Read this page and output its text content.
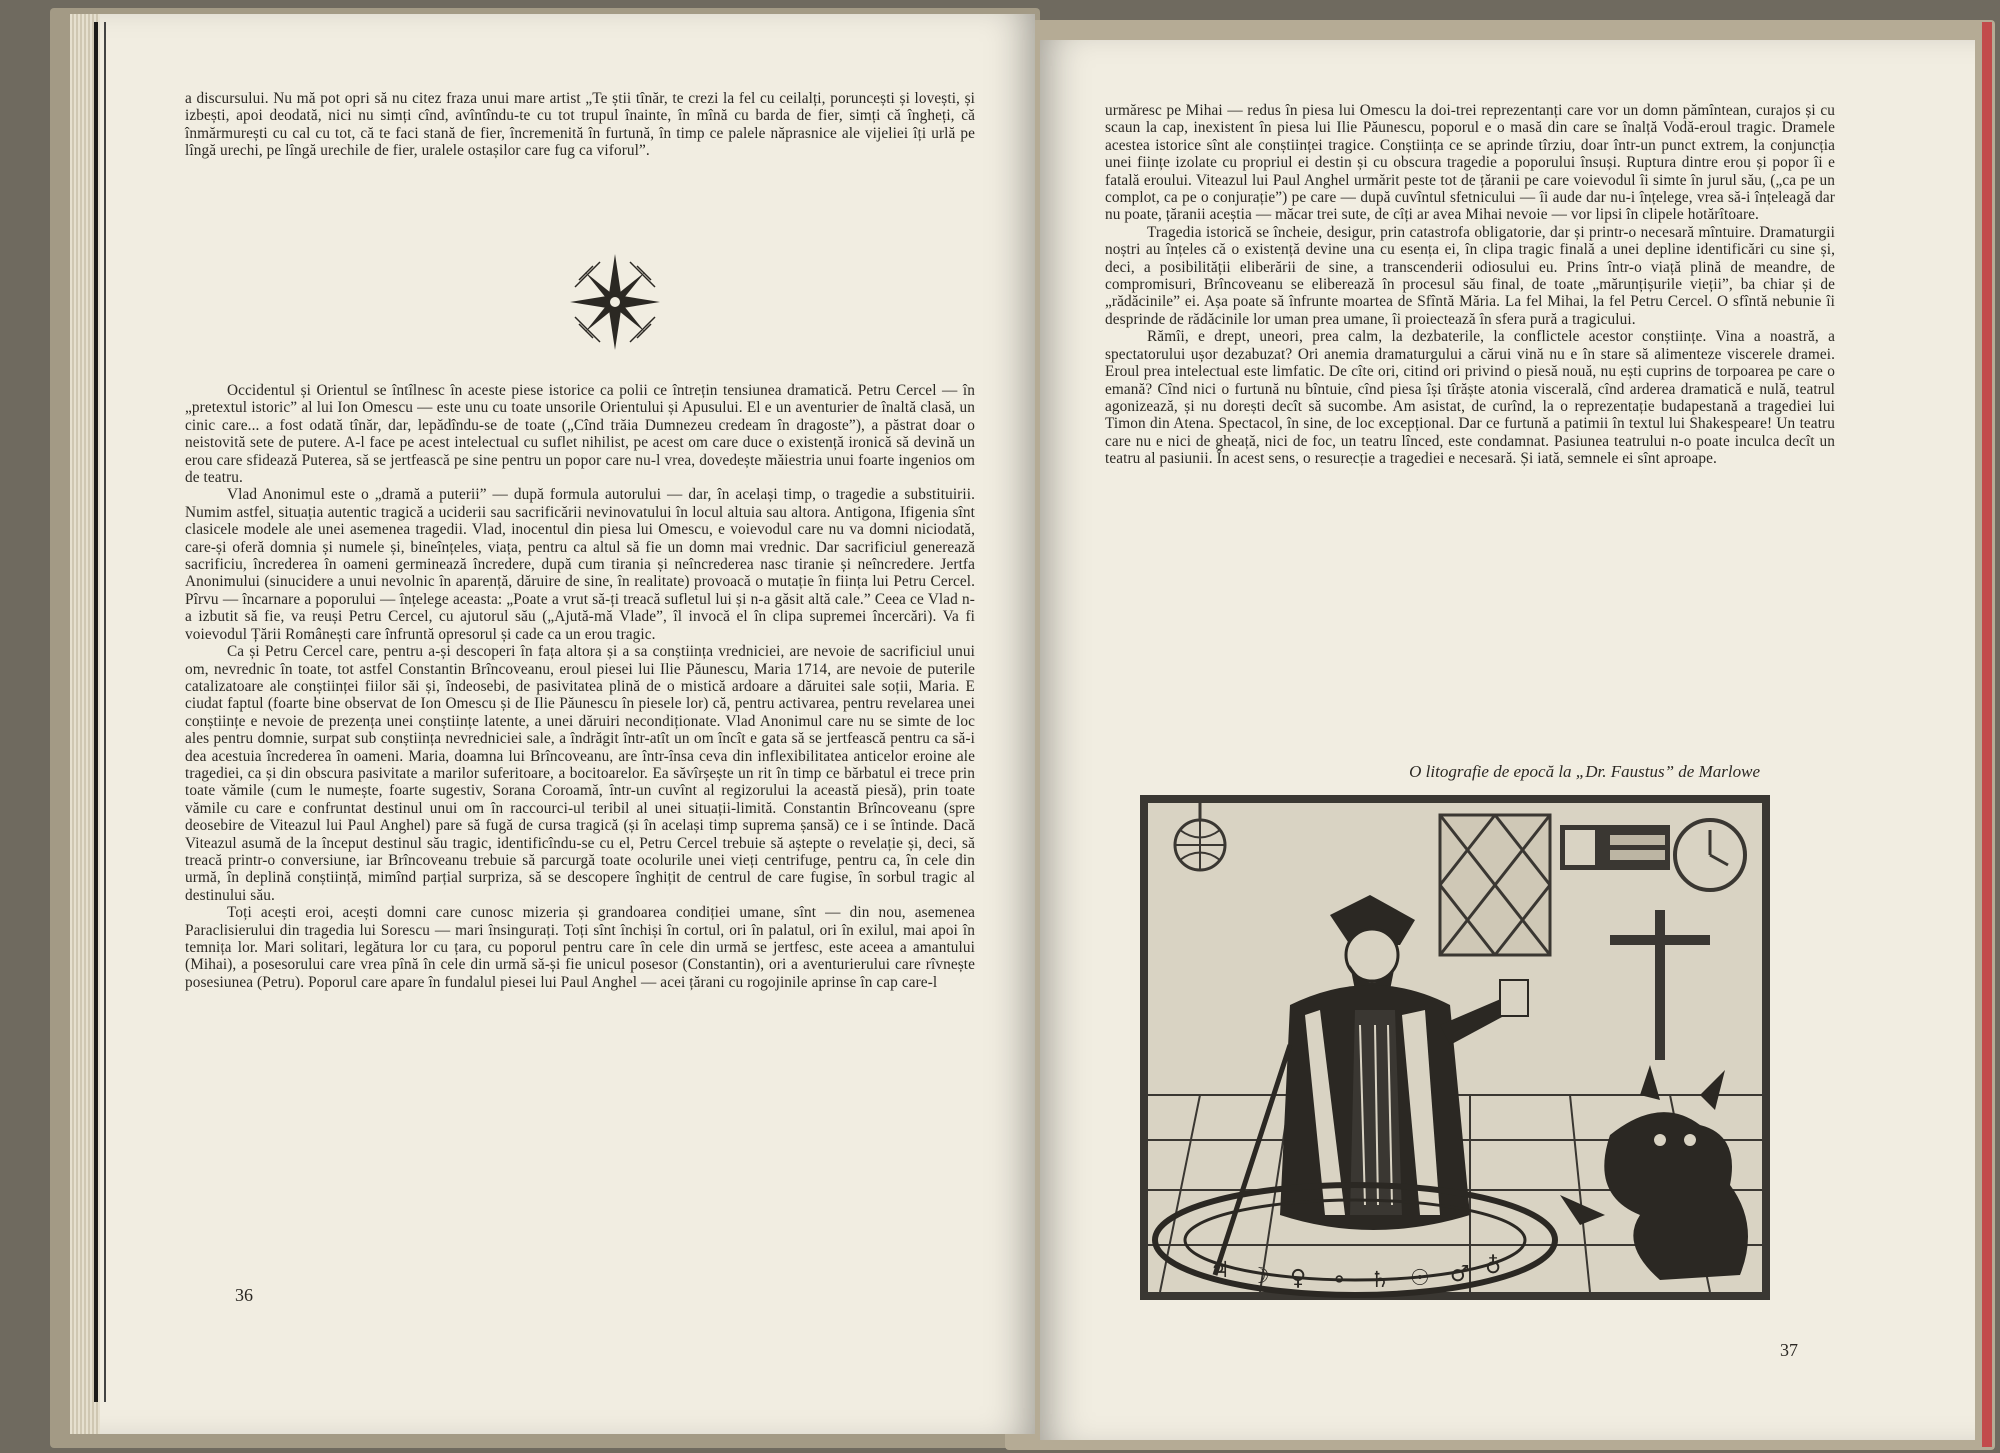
a discursului. Nu mă pot opri să nu citez fraza unui mare artist „Te știi tînăr, te crezi la fel cu ceilalți, poruncești și lovești, și izbești, apoi deodată, nici nu simți cînd, avîntîndu-te cu tot trupul înainte, în mînă cu barda de fier, simți că îngheți, că înmărmurești cu cal cu tot, că te faci stană de fier, încremenită în furtună, în timp ce palele năprasnice ale vijeliei îți urlă pe lîngă urechi, pe lîngă urechile de fier, uralele ostașilor care fug ca viforul”.

Occidentul și Orientul se întîlnesc în aceste piese istorice ca polii ce întrețin tensiunea dramatică. Petru Cercel — în „pretextul istoric” al lui Ion Omescu — este unu cu toate unsorile Orientului și Apusului. El e un aventurier de înaltă clasă, un cinic care... a fost odată tînăr, dar, lepădîndu-se de toate („Cînd trăia Dumnezeu credeam în dragoste”), a păstrat doar o neistovită sete de putere. A-l face pe acest intelectual cu suflet nihilist, pe acest om care duce o existență ironică să devină un erou care sfidează Puterea, să se jertfească pe sine pentru un popor care nu-l vrea, dovedește măiestria unui foarte ingenios om de teatru.

Vlad Anonimul este o „dramă a puterii” — după formula autorului — dar, în același timp, o tragedie a substituirii. Numim astfel, situația autentic tragică a uciderii sau sacrificării nevinovatului în locul altuia sau altora. Antigona, Ifigenia sînt clasicele modele ale unei asemenea tragedii. Vlad, inocentul din piesa lui Omescu, e voievodul care nu va domni niciodată, care-și oferă domnia și numele și, bineînțeles, viața, pentru ca altul să fie un domn mai vrednic. Dar sacrificiul generează sacrificiu, încrederea în oameni germinează încredere, după cum tirania și neîncrederea nasc tiranie și neîncredere. Jertfa Anonimului (sinucidere a unui nevolnic în aparență, dăruire de sine, în realitate) provoacă o mutație în ființa lui Petru Cercel. Pîrvu — încarnare a poporului — înțelege aceasta: „Poate a vrut să-ți treacă sufletul lui și n-a găsit altă cale.” Ceea ce Vlad n-a izbutit să fie, va reuși Petru Cercel, cu ajutorul său („Ajută-mă Vlade”, îl invocă el în clipa supremei încercări). Va fi voievodul Țării Românești care înfruntă opresorul și cade ca un erou tragic.

Ca și Petru Cercel care, pentru a-și descoperi în fața altora și a sa conștiința vredniciei, are nevoie de sacrificiul unui om, nevrednic în toate, tot astfel Constantin Brîncoveanu, eroul piesei lui Ilie Păunescu, Maria 1714, are nevoie de puterile catalizatoare ale conștiinței fiilor săi și, îndeosebi, de pasivitatea plină de o mistică ardoare a dăruitei sale soții, Maria. E ciudat faptul (foarte bine observat de Ion Omescu și de Ilie Păunescu în piesele lor) că, pentru activarea, pentru revelarea unei conștiințe e nevoie de prezența unei conștiințe latente, a unei dăruiri necondiționate. Vlad Anonimul care nu se simte de loc ales pentru domnie, surpat sub conștiința nevredniciei sale, a îndrăgit într-atît un om încît e gata să se jertfească pentru ca să-i dea acestuia încrederea în oameni. Maria, doamna lui Brîncoveanu, are într-însa ceva din inflexibilitatea anticelor eroine ale tragediei, ca și din obscura pasivitate a marilor suferitoare, a bocitoarelor. Ea săvîrșește un rit în timp ce bărbatul ei trece prin toate vămile (cum le numește, foarte sugestiv, Sorana Coroamă, într-un cuvînt al regizorului la această piesă), prin toate vămile cu care e confruntat destinul unui om în raccourci-ul teribil al unei situații-limită. Constantin Brîncoveanu (spre deosebire de Viteazul lui Paul Anghel) pare să fugă de cursa tragică (și în același timp suprema șansă) ce i se întinde. Dacă Viteazul asumă de la început destinul său tragic, identificîndu-se cu el, Petru Cercel trebuie să aștepte o revelație și, deci, să treacă printr-o conversiune, iar Brîncoveanu trebuie să parcurgă toate ocolurile unei vieți centrifuge, pentru ca, în cele din urmă, în deplină conștiință, mimînd parțial surpriza, să se descopere înghițit de centrul de care fugise, în sorbul tragic al destinului său.

Toți acești eroi, acești domni care cunosc mizeria și grandoarea condiției umane, sînt — din nou, asemenea Paraclisierului din tragedia lui Sorescu — mari însingurați. Toți sînt închiși în cortul, ori în palatul, ori în exilul, mai apoi în temnița lor. Mari solitari, legătura lor cu țara, cu poporul pentru care în cele din urmă se jertfesc, este aceea a amantului (Mihai), a posesorului care vrea pînă în cele din urmă să-și fie unicul posesor (Constantin), ori a aventurierului care rîvnește posesiunea (Petru). Poporul care apare în fundalul piesei lui Paul Anghel — acei țărani cu rogojinile aprinse în cap care-l

36

urmăresc pe Mihai — redus în piesa lui Omescu la doi-trei reprezentanți care vor un domn pămîntean, curajos și cu scaun la cap, inexistent în piesa lui Ilie Păunescu, poporul e o masă din care se înalță Vodă-eroul tragic. Dramele acestea istorice sînt ale conștiinței tragice. Conștiința ce se aprinde tîrziu, doar într-un punct extrem, la conjuncția unei ființe izolate cu propriul ei destin și cu obscura tragedie a poporului însuși. Ruptura dintre erou și popor îi e fatală eroului. Viteazul lui Paul Anghel urmărit peste tot de țăranii pe care voievodul îi simte în jurul său, („ca pe un complot, ca pe o conjurație”) pe care — după cuvîntul sfetnicului — îi aude dar nu-i înțelege, vrea să-i înțeleagă dar nu poate, țăranii aceștia — măcar trei sute, de cîți ar avea Mihai nevoie — vor lipsi în clipele hotărîtoare.

Tragedia istorică se încheie, desigur, prin catastrofa obligatorie, dar și printr-o necesară mîntuire. Dramaturgii noștri au înțeles că o existență devine una cu esența ei, în clipa tragic finală a unei depline identificări cu sine și, deci, a posibilității eliberării de sine, a transcenderii odiosului eu. Prins într-o viață plină de meandre, de compromisuri, Brîncoveanu se eliberează în procesul său final, de toate „mărunțișurile vieții”, ba chiar și de „rădăcinile” ei. Așa poate să înfrunte moartea de Sfîntă Măria. La fel Mihai, la fel Petru Cercel. O sfîntă nebunie îi desprinde de rădăcinile lor uman prea umane, îi proiectează în sfera pură a tragicului.

Rămîi, e drept, uneori, prea calm, la dezbaterile, la conflictele acestor conștiințe. Vina a noastră, a spectatorului ușor dezabuzat? Ori anemia dramaturgului a cărui vină nu e în stare să alimenteze viscerele dramei. Eroul prea intelectual este limfatic. De cîte ori, citind ori privind o piesă nouă, nu ești cuprins de torpoarea pe care o emană? Cînd nici o furtună nu bîntuie, cînd piesa își tîrăște atonia viscerală, cînd arderea dramatică e nulă, teatrul agonizează, și nu dorești decît să sucombe. Am asistat, de curînd, la o reprezentație budapestană a tragediei lui Timon din Atena. Spectacol, în sine, de loc excepțional. Dar ce furtună a patimii în textul lui Shakespeare! Un teatru care nu e nici de gheață, nici de foc, un teatru lînced, este condamnat. Pasiunea teatrului n-o poate inculca decît un teatru al pasiunii. În acest sens, o resurecție a tragediei e necesară. Și iată, semnele ei sînt aproape.

O litografie de epocă la „Dr. Faustus” de Marlowe
♃ ☽ ♀ ⚬ ♄ ☉ ♂ ♁
37
